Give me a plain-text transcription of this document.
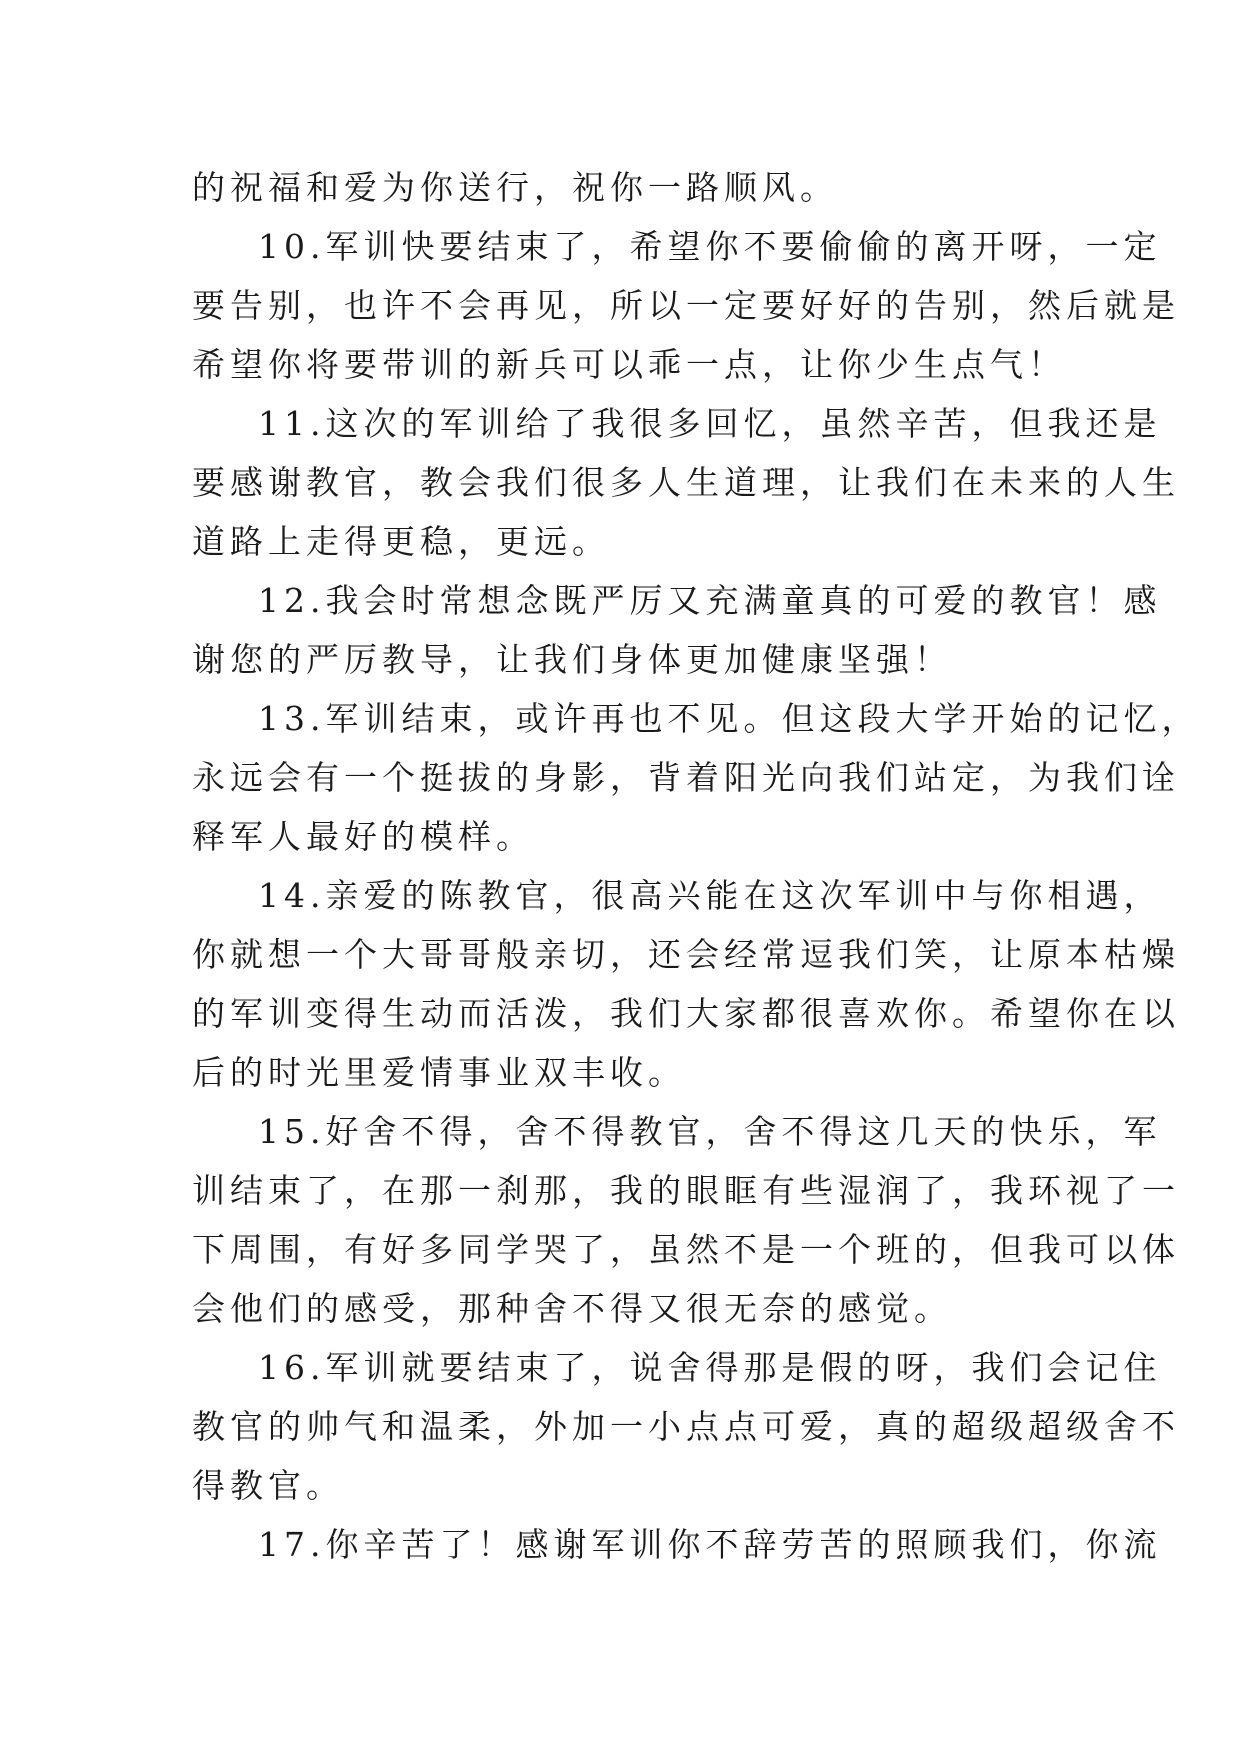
的祝福和爱为你送行，祝你一路顺风。
10.军训快要结束了，希望你不要偷偷的离开呀，一定
要告别，也许不会再见，所以一定要好好的告别，然后就是
希望你将要带训的新兵可以乖一点，让你少生点气！
11.这次的军训给了我很多回忆，虽然辛苦，但我还是
要感谢教官，教会我们很多人生道理，让我们在未来的人生
道路上走得更稳，更远。
12.我会时常想念既严厉又充满童真的可爱的教官！感
谢您的严厉教导，让我们身体更加健康坚强！
13.军训结束，或许再也不见。但这段大学开始的记忆，
永远会有一个挺拔的身影，背着阳光向我们站定，为我们诠
释军人最好的模样。
14.亲爱的陈教官，很高兴能在这次军训中与你相遇，
你就想一个大哥哥般亲切，还会经常逗我们笑，让原本枯燥
的军训变得生动而活泼，我们大家都很喜欢你。希望你在以
后的时光里爱情事业双丰收。
15.好舍不得，舍不得教官，舍不得这几天的快乐，军
训结束了，在那一刹那，我的眼眶有些湿润了，我环视了一
下周围，有好多同学哭了，虽然不是一个班的，但我可以体
会他们的感受，那种舍不得又很无奈的感觉。
16.军训就要结束了，说舍得那是假的呀，我们会记住
教官的帅气和温柔，外加一小点点可爱，真的超级超级舍不
得教官。
17.你辛苦了！感谢军训你不辞劳苦的照顾我们，你流
